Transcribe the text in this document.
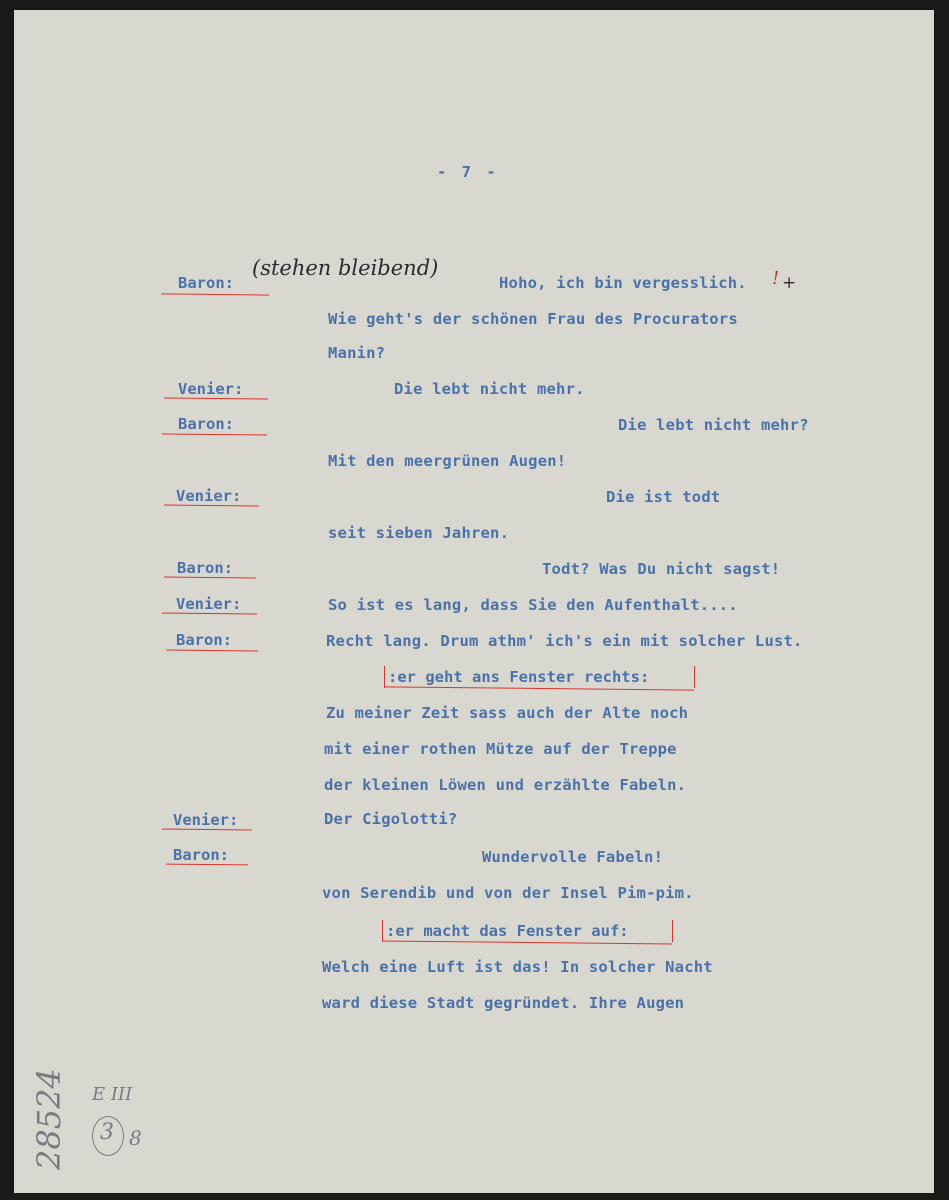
- 7 -
Baron:
(stehen bleibend)
Venier:
Baron:
Venier:
Baron:
Venier:
Baron:
Venier:
Baron:
Hoho, ich bin vergesslich. ! +
Wie geht's der schönen Frau des Procurators
Manin?
Die lebt nicht mehr.
Die lebt nicht mehr?
Mit den meergrünen Augen!
Die ist todt
seit sieben Jahren.
Todt? Was Du nicht sagst!
So ist es lang, dass Sie den Aufenthalt....
Recht lang. Drum athm' ich's ein mit solcher Lust.
:er geht ans Fenster rechts:
Zu meiner Zeit sass auch der Alte noch
mit einer rothen Mütze auf der Treppe
der kleinen Löwen und erzählte Fabeln.
Der Cigolotti?
Wundervolle Fabeln!
von Serendib und von der Insel Pim-pim.
:er macht das Fenster auf:
Welch eine Luft ist das! In solcher Nacht
ward diese Stadt gegründet. Ihre Augen
28524 E III
3 8
